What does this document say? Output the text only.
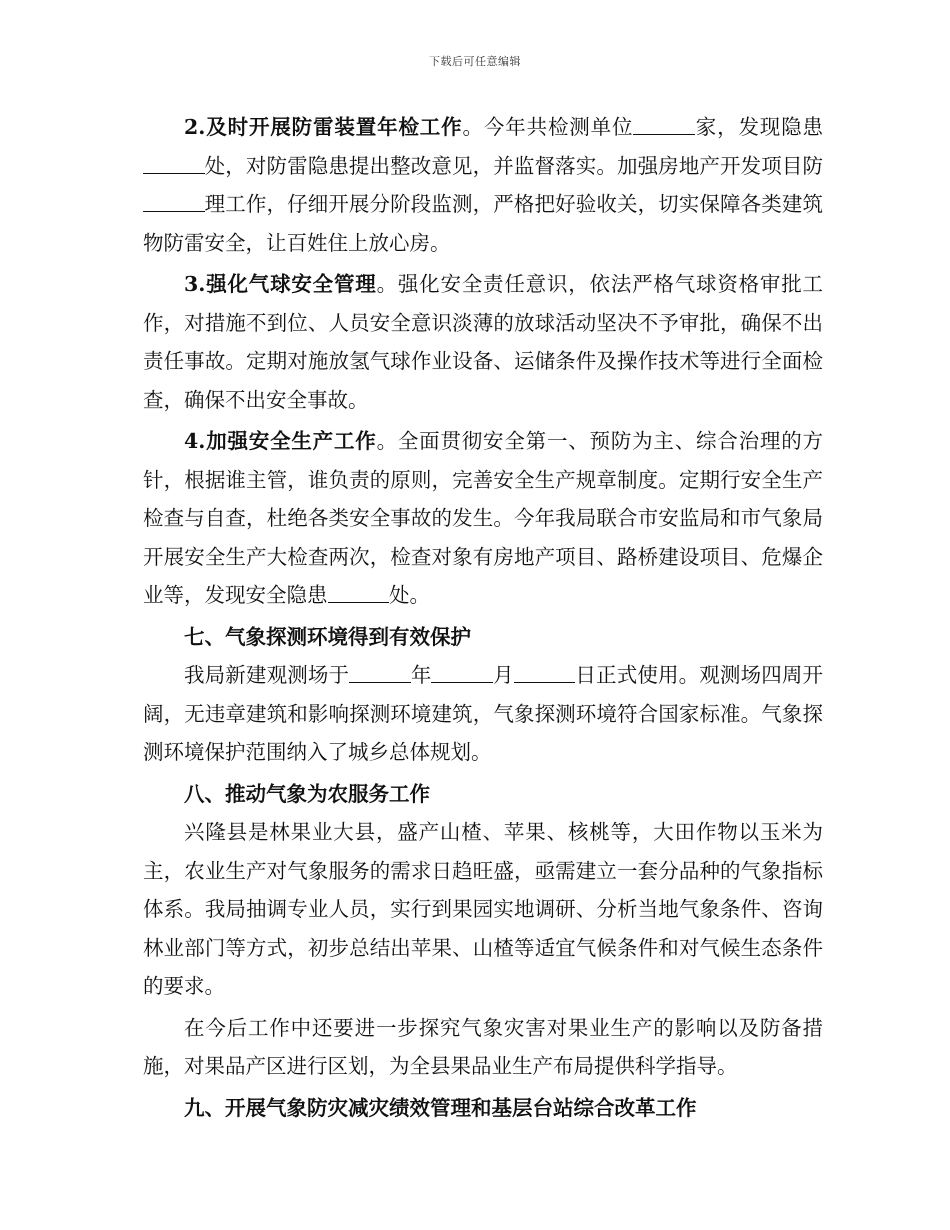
下载后可任意编辑

2.及时开展防雷装置年检工作。今年共检测单位	家，发现隐患处，对防雷隐患提出整改意见，并监督落实。加强房地产开发项目防理工作，仔细开展分阶段监测，严格把好验收关，切实保障各类建筑物防雷安全，让百姓住上放心房。

3.强化气球安全管理。强化安全责任意识，依法严格气球资格审批工作，对措施不到位、人员安全意识淡薄的放球活动坚决不予审批，确保不出责任事故。定期对施放氢气球作业设备、运储条件及操作技术等进行全面检查，确保不出安全事故。

4.加强安全生产工作。全面贯彻安全第一、预防为主、综合治理的方针，根据谁主管，谁负责的原则，完善安全生产规章制度。定期行安全生产检查与自查，杜绝各类安全事故的发生。今年我局联合市安监局和市气象局开展安全生产大检查两次，检查对象有房地产项目、路桥建设项目、危爆企业等，发现安全隐患	处。

七、气象探测环境得到有效保护

我局新建观测场于	年	月	日正式使用。观测场四周开阔，无违章建筑和影响探测环境建筑，气象探测环境符合国家标准。气象探测环境保护范围纳入了城乡总体规划。

八、推动气象为农服务工作

兴隆县是林果业大县，盛产山楂、苹果、核桃等，大田作物以玉米为主，农业生产对气象服务的需求日趋旺盛，亟需建立一套分品种的气象指标体系。我局抽调专业人员，实行到果园实地调研、分析当地气象条件、咨询林业部门等方式，初步总结出苹果、山楂等适宜气候条件和对气候生态条件的要求。

在今后工作中还要进一步探究气象灾害对果业生产的影响以及防备措施，对果品产区进行区划，为全县果品业生产布局提供科学指导。

九、开展气象防灾减灾绩效管理和基层台站综合改革工作
